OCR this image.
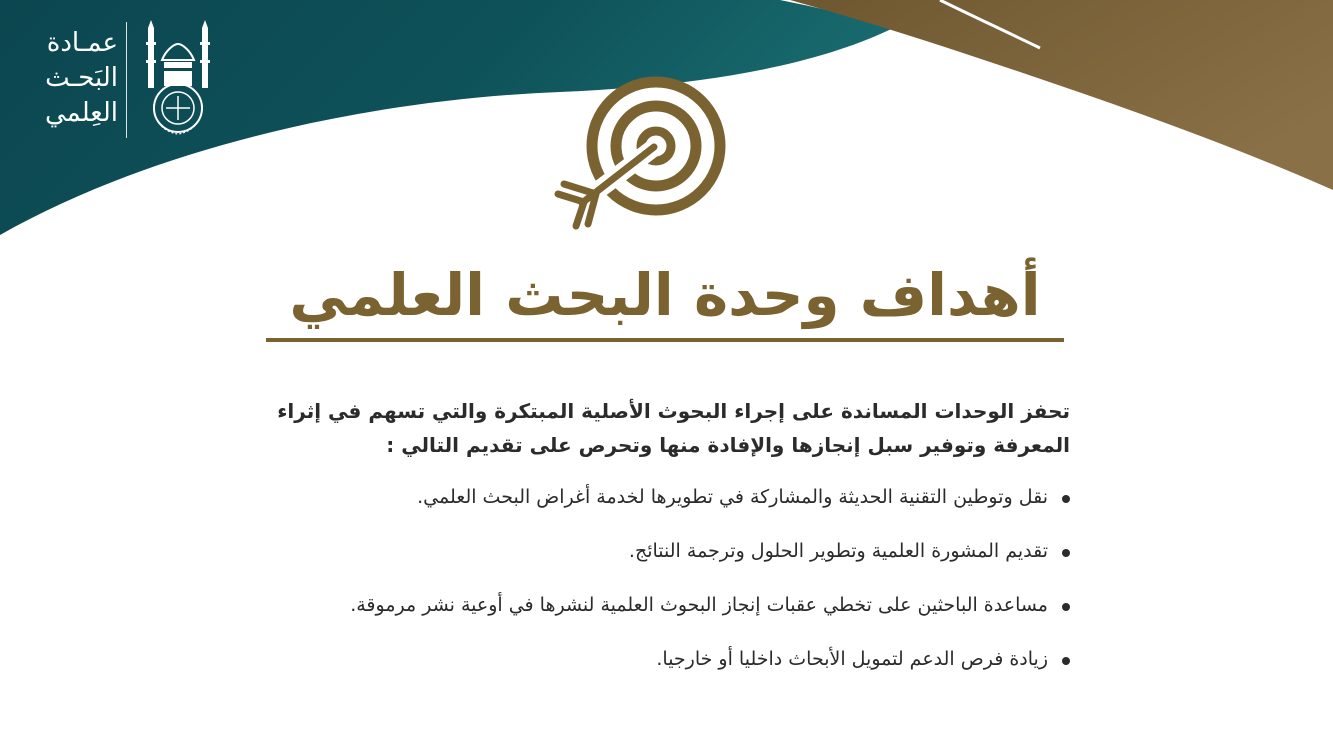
عمـادة
البَحـث
العِلمي
أهداف وحدة البحث العلمي

تحفز الوحدات المساندة على إجراء البحوث الأصلية المبتكرة والتي تسهم في إثراء المعرفة وتوفير سبل إنجازها والإفادة منها وتحرص على تقديم التالي :

نقل وتوطين التقنية الحديثة والمشاركة في تطويرها لخدمة أغراض البحث العلمي.
تقديم المشورة العلمية وتطوير الحلول وترجمة النتائج.
مساعدة الباحثين على تخطي عقبات إنجاز البحوث العلمية لنشرها في أوعية نشر مرموقة.
زيادة فرص الدعم لتمويل الأبحاث داخليا أو خارجيا.
